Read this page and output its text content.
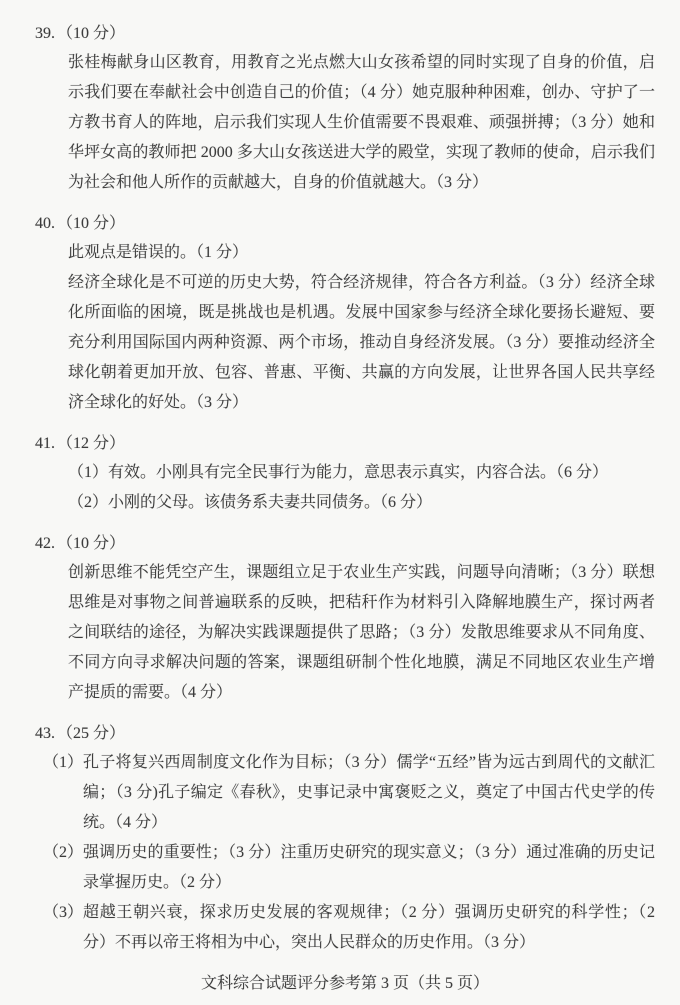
39. （10 分）

张桂梅献身山区教育，用教育之光点燃大山女孩希望的同时实现了自身的价值，启示我们要在奉献社会中创造自己的价值；（4 分）她克服种种困难，创办、守护了一方教书育人的阵地，启示我们实现人生价值需要不畏艰难、顽强拼搏；（3 分）她和华坪女高的教师把 2000 多大山女孩送进大学的殿堂，实现了教师的使命，启示我们为社会和他人所作的贡献越大，自身的价值就越大。（3 分）

40. （10 分）

此观点是错误的。（1 分）

经济全球化是不可逆的历史大势，符合经济规律，符合各方利益。（3 分）经济全球化所面临的困境，既是挑战也是机遇。发展中国家参与经济全球化要扬长避短、要充分利用国际国内两种资源、两个市场，推动自身经济发展。（3 分）要推动经济全球化朝着更加开放、包容、普惠、平衡、共赢的方向发展，让世界各国人民共享经济全球化的好处。（3 分）

41. （12 分）

（1）有效。小刚具有完全民事行为能力，意思表示真实，内容合法。（6 分）

（2）小刚的父母。该债务系夫妻共同债务。（6 分）

42. （10 分）

创新思维不能凭空产生，课题组立足于农业生产实践，问题导向清晰；（3 分）联想思维是对事物之间普遍联系的反映，把秸秆作为材料引入降解地膜生产，探讨两者之间联结的途径，为解决实践课题提供了思路；（3 分）发散思维要求从不同角度、不同方向寻求解决问题的答案，课题组研制个性化地膜，满足不同地区农业生产增产提质的需要。（4 分）

43. （25 分）
（1） 孔子将复兴西周制度文化作为目标；（3 分）儒学“五经”皆为远古到周代的文献汇编；（3 分)孔子编定《春秋》，史事记录中寓褒贬之义，奠定了中国古代史学的传统。（4 分）
（2） 强调历史的重要性；（3 分）注重历史研究的现实意义；（3 分）通过准确的历史记录掌握历史。（2 分）
（3） 超越王朝兴衰，探求历史发展的客观规律；（2 分）强调历史研究的科学性；（2 分）不再以帝王将相为中心，突出人民群众的历史作用。（3 分）
文科综合试题评分参考第 3 页（共 5 页）
